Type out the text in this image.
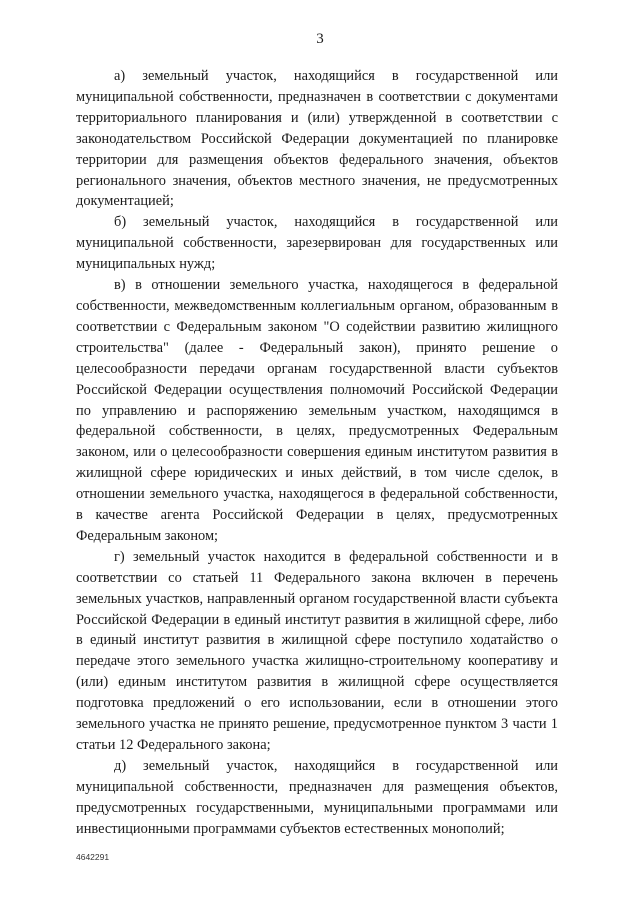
3

а) земельный участок, находящийся в государственной или муниципальной собственности, предназначен в соответствии с документами территориального планирования и (или) утвержденной в соответствии с законодательством Российской Федерации документацией по планировке территории для размещения объектов федерального значения, объектов регионального значения, объектов местного значения, не предусмотренных документацией;

б) земельный участок, находящийся в государственной или муниципальной собственности, зарезервирован для государственных или муниципальных нужд;

в) в отношении земельного участка, находящегося в федеральной собственности, межведомственным коллегиальным органом, образованным в соответствии с Федеральным законом "О содействии развитию жилищного строительства" (далее - Федеральный закон), принято решение о целесообразности передачи органам государственной власти субъектов Российской Федерации осуществления полномочий Российской Федерации по управлению и распоряжению земельным участком, находящимся в федеральной собственности, в целях, предусмотренных Федеральным законом, или о целесообразности совершения единым институтом развития в жилищной сфере юридических и иных действий, в том числе сделок, в отношении земельного участка, находящегося в федеральной собственности, в качестве агента Российской Федерации в целях, предусмотренных Федеральным законом;

г) земельный участок находится в федеральной собственности и в соответствии со статьей 11 Федерального закона включен в перечень земельных участков, направленный органом государственной власти субъекта Российской Федерации в единый институт развития в жилищной сфере, либо в единый институт развития в жилищной сфере поступило ходатайство о передаче этого земельного участка жилищно-строительному кооперативу и (или) единым институтом развития в жилищной сфере осуществляется подготовка предложений о его использовании, если в отношении этого земельного участка не принято решение, предусмотренное пунктом 3 части 1 статьи 12 Федерального закона;

д) земельный участок, находящийся в государственной или муниципальной собственности, предназначен для размещения объектов, предусмотренных государственными, муниципальными программами или инвестиционными программами субъектов естественных монополий;

4642291
